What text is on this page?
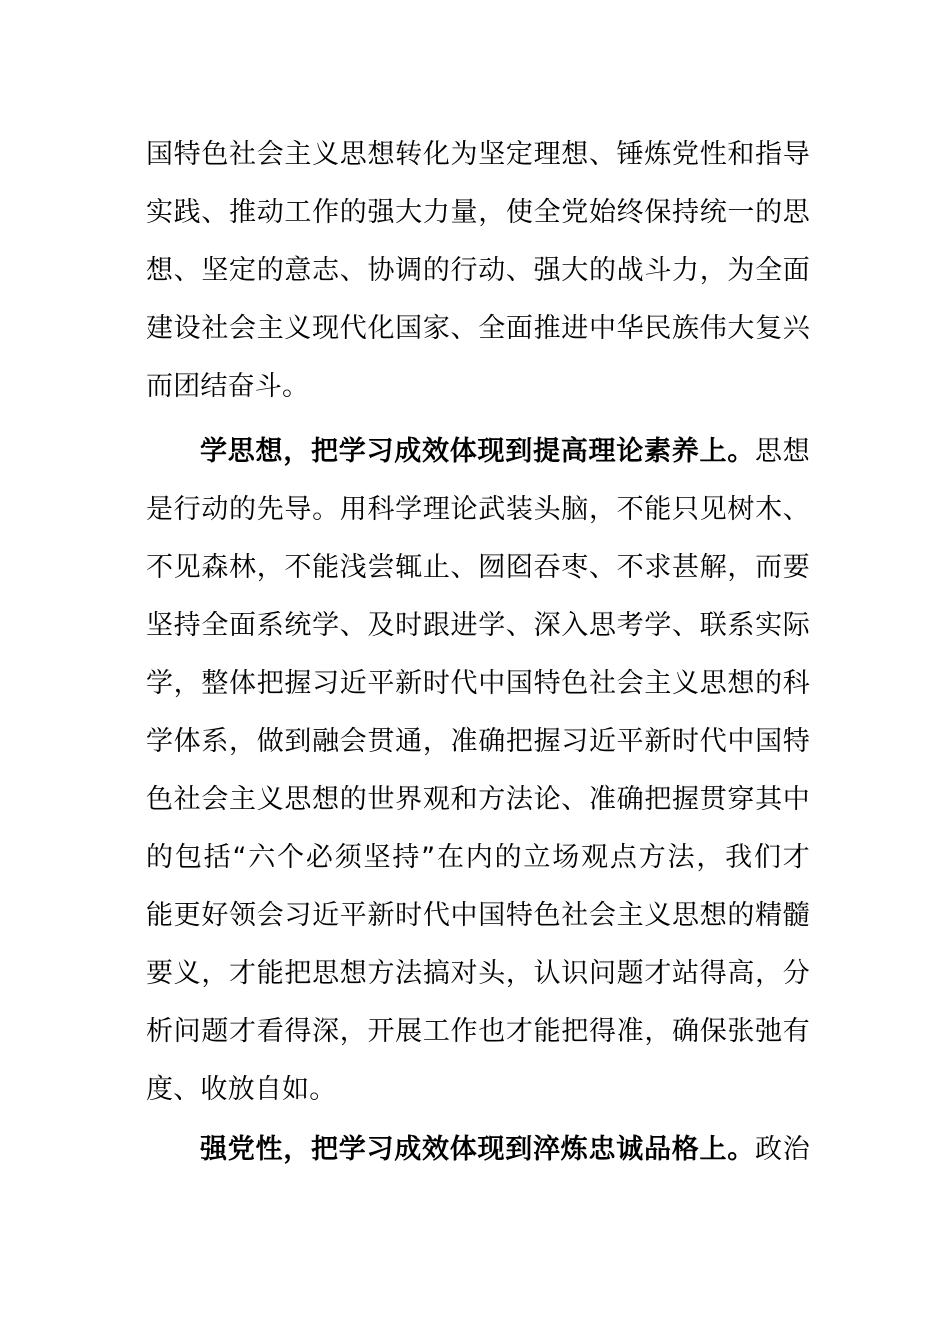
国特色社会主义思想转化为坚定理想、锤炼党性和指导
实践、推动工作的强大力量，使全党始终保持统一的思
想、坚定的意志、协调的行动、强大的战斗力，为全面
建设社会主义现代化国家、全面推进中华民族伟大复兴
而团结奋斗。
学思想，把学习成效体现到提高理论素养上。思想
是行动的先导。用科学理论武装头脑，不能只见树木、
不见森林，不能浅尝辄止、囫囵吞枣、不求甚解，而要
坚持全面系统学、及时跟进学、深入思考学、联系实际
学，整体把握习近平新时代中国特色社会主义思想的科
学体系，做到融会贯通，准确把握习近平新时代中国特
色社会主义思想的世界观和方法论、准确把握贯穿其中
的包括“六个必须坚持”在内的立场观点方法，我们才
能更好领会习近平新时代中国特色社会主义思想的精髓
要义，才能把思想方法搞对头，认识问题才站得高，分
析问题才看得深，开展工作也才能把得准，确保张弛有
度、收放自如。
强党性，把学习成效体现到淬炼忠诚品格上。政治
